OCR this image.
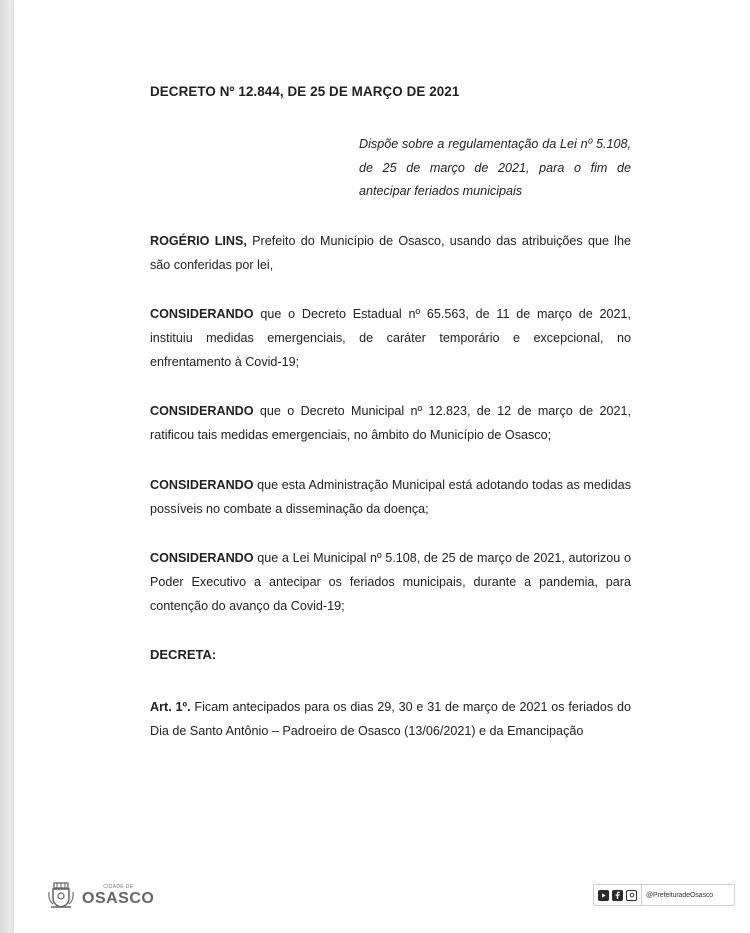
DECRETO Nº 12.844, DE 25 DE MARÇO DE 2021
Dispõe sobre a regulamentação da Lei nº 5.108, de 25 de março de 2021, para o fim de antecipar feriados municipais
ROGÉRIO LINS, Prefeito do Município de Osasco, usando das atribuições que lhe são conferidas por lei,
CONSIDERANDO que o Decreto Estadual nº 65.563, de 11 de março de 2021, instituiu medidas emergenciais, de caráter temporário e excepcional, no enfrentamento à Covid-19;
CONSIDERANDO que o Decreto Municipal nº 12.823, de 12 de março de 2021, ratificou tais medidas emergenciais, no âmbito do Município de Osasco;
CONSIDERANDO que esta Administração Municipal está adotando todas as medidas possíveis no combate a disseminação da doença;
CONSIDERANDO que a Lei Municipal nº 5.108, de 25 de março de 2021, autorizou o Poder Executivo a antecipar os feriados municipais, durante a pandemia, para contenção do avanço da Covid-19;
DECRETA:
Art. 1º. Ficam antecipados para os dias 29, 30 e 31 de março de 2021 os feriados do Dia de Santo Antônio – Padroeiro de Osasco (13/06/2021) e da Emancipação
CIDADE DE
OSASCO	@PrefeituradeOsasco
